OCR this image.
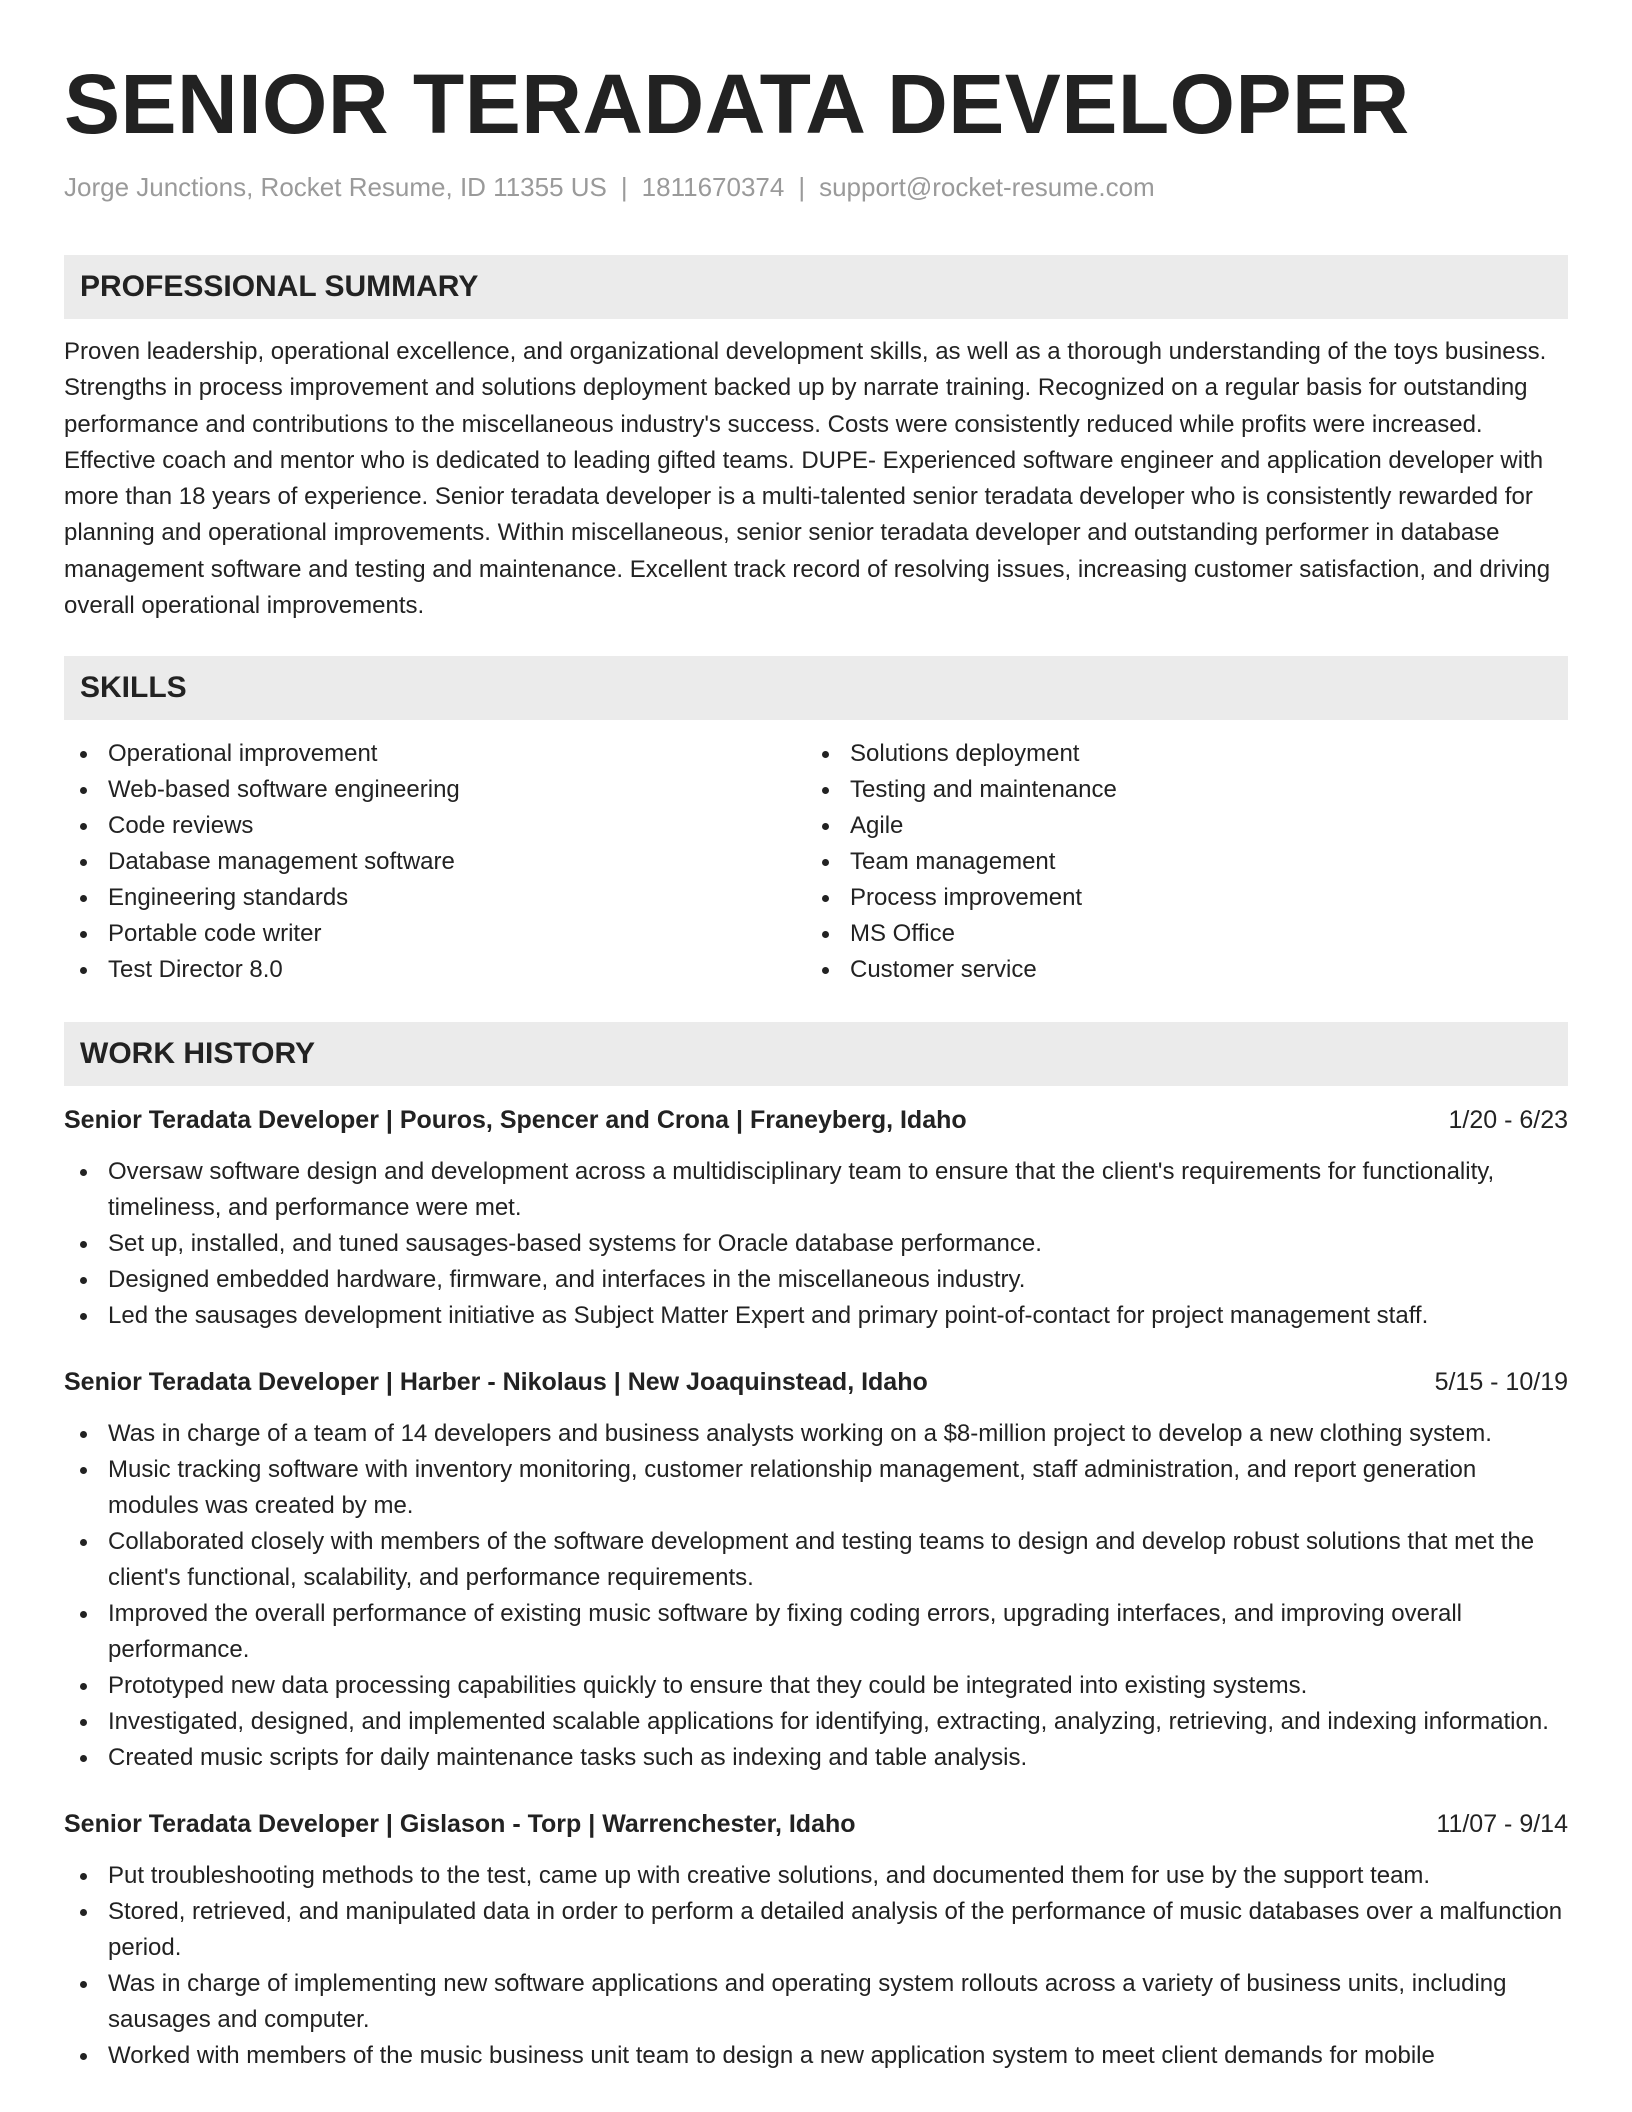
SENIOR TERADATA DEVELOPER
Jorge Junctions, Rocket Resume, ID 11355 US | 1811670374 | support@rocket-resume.com
PROFESSIONAL SUMMARY

Proven leadership, operational excellence, and organizational development skills, as well as a thorough understanding of the toys business. Strengths in process improvement and solutions deployment backed up by narrate training. Recognized on a regular basis for outstanding performance and contributions to the miscellaneous industry's success. Costs were consistently reduced while profits were increased. Effective coach and mentor who is dedicated to leading gifted teams. DUPE- Experienced software engineer and application developer with more than 18 years of experience. Senior teradata developer is a multi-talented senior teradata developer who is consistently rewarded for planning and operational improvements. Within miscellaneous, senior senior teradata developer and outstanding performer in database management software and testing and maintenance. Excellent track record of resolving issues, increasing customer satisfaction, and driving overall operational improvements.

SKILLS
Operational improvement
Web-based software engineering
Code reviews
Database management software
Engineering standards
Portable code writer
Test Director 8.0
Solutions deployment
Testing and maintenance
Agile
Team management
Process improvement
MS Office
Customer service
WORK HISTORY
Senior Teradata Developer | Pouros, Spencer and Crona | Franeyberg, Idaho	1/20 - 6/23
Oversaw software design and development across a multidisciplinary team to ensure that the client's requirements for functionality, timeliness, and performance were met.
Set up, installed, and tuned sausages-based systems for Oracle database performance.
Designed embedded hardware, firmware, and interfaces in the miscellaneous industry.
Led the sausages development initiative as Subject Matter Expert and primary point-of-contact for project management staff.
Senior Teradata Developer | Harber - Nikolaus | New Joaquinstead, Idaho	5/15 - 10/19
Was in charge of a team of 14 developers and business analysts working on a $8-million project to develop a new clothing system.
Music tracking software with inventory monitoring, customer relationship management, staff administration, and report generation modules was created by me.
Collaborated closely with members of the software development and testing teams to design and develop robust solutions that met the client's functional, scalability, and performance requirements.
Improved the overall performance of existing music software by fixing coding errors, upgrading interfaces, and improving overall performance.
Prototyped new data processing capabilities quickly to ensure that they could be integrated into existing systems.
Investigated, designed, and implemented scalable applications for identifying, extracting, analyzing, retrieving, and indexing information.
Created music scripts for daily maintenance tasks such as indexing and table analysis.
Senior Teradata Developer | Gislason - Torp | Warrenchester, Idaho	11/07 - 9/14
Put troubleshooting methods to the test, came up with creative solutions, and documented them for use by the support team.
Stored, retrieved, and manipulated data in order to perform a detailed analysis of the performance of music databases over a malfunction period.
Was in charge of implementing new software applications and operating system rollouts across a variety of business units, including sausages and computer.
Worked with members of the music business unit team to design a new application system to meet client demands for mobile
